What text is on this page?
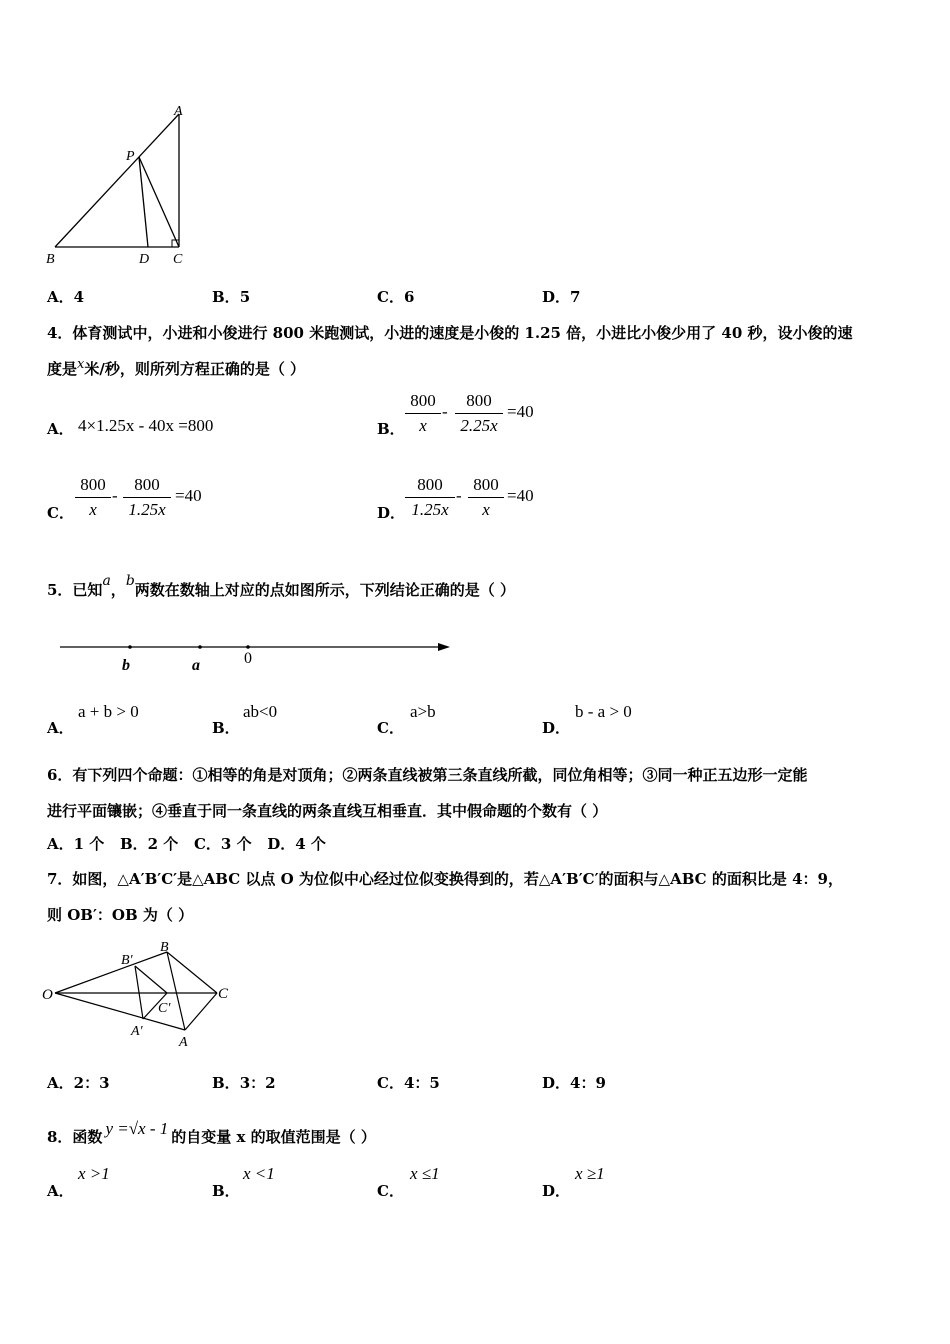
A
P
B	D C
A．4	B．5	C．6	D．7
4．体育测试中，小进和小俊进行 800 米跑测试，小进的速度是小俊的 1.25 倍，小进比小俊少用了 40 秒，设小俊的速
度是x米/秒，则所列方程正确的是（ ）
A． 4×1.25x - 40x =800	B． $\frac{800}{x} - \frac{800}{2.25x} =40$
C． $\frac{800}{x} - \frac{800}{1.25x} =40$
D． $\frac{800}{1.25x} - \frac{800}{x} =40$
5．已知a，b两数在数轴上对应的点如图所示，下列结论正确的是（ ）
b	a	0
A．
a + b > 0
B．
ab<0
C．
a>b
D．
b - a > 0
6．有下列四个命题：①相等的角是对顶角；②两条直线被第三条直线所截，同位角相等；③同一种正五边形一定能
进行平面镶嵌；④垂直于同一条直线的两条直线互相垂直．其中假命题的个数有（ ）
A．1 个   B．2 个   C．3 个   D．4 个
7．如图，△A′B′C′是△ABC 以点 O 为位似中心经过位似变换得到的，若△A′B′C′的面积与△ABC 的面积比是 4：9，
则 OB′：OB 为（ ）
O
B′
B
C′
C
A′
A
A．2：3	B．3：2	C．4：5	D．4：9
8．函数 y =√x - 1 的自变量 x 的取值范围是（ ）
A．
x >1
B．
x <1
C．
x ≤1
D．
x ≥1
